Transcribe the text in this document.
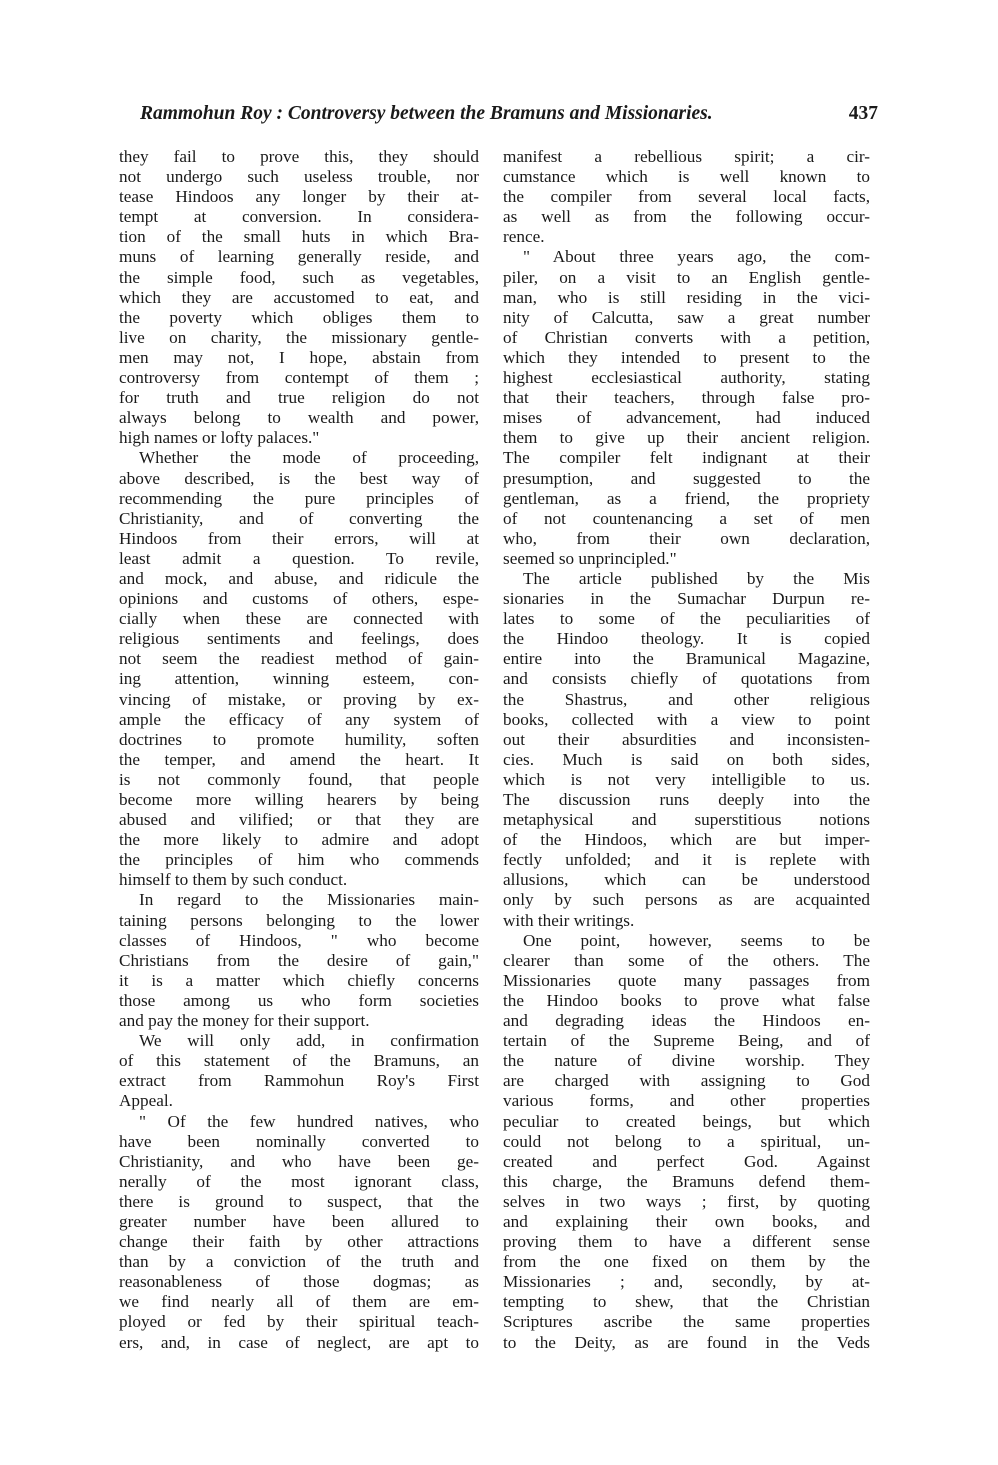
Rammohun Roy : Controversy between the Bramuns and Missionaries.	437
they fail to prove this, they should
not undergo such useless trouble, nor
tease Hindoos any longer by their at-
tempt at conversion. In considera-
tion of the small huts in which Bra-
muns of learning generally reside, and
the simple food, such as vegetables,
which they are accustomed to eat, and
the poverty which obliges them to
live on charity, the missionary gentle-
men may not, I hope, abstain from
controversy from contempt of them ;
for truth and true religion do not
always belong to wealth and power,
high names or lofty palaces."
Whether the mode of proceeding,
above described, is the best way of
recommending the pure principles of
Christianity, and of converting the
Hindoos from their errors, will at
least admit a question. To revile,
and mock, and abuse, and ridicule the
opinions and customs of others, espe-
cially when these are connected with
religious sentiments and feelings, does
not seem the readiest method of gain-
ing attention, winning esteem, con-
vincing of mistake, or proving by ex-
ample the efficacy of any system of
doctrines to promote humility, soften
the temper, and amend the heart. It
is not commonly found, that people
become more willing hearers by being
abused and vilified; or that they are
the more likely to admire and adopt
the principles of him who commends
himself to them by such conduct.
In regard to the Missionaries main-
taining persons belonging to the lower
classes of Hindoos, " who become
Christians from the desire of gain,"
it is a matter which chiefly concerns
those among us who form societies
and pay the money for their support.
We will only add, in confirmation
of this statement of the Bramuns, an
extract from Rammohun Roy's First
Appeal.
" Of the few hundred natives, who
have been nominally converted to
Christianity, and who have been ge-
nerally of the most ignorant class,
there is ground to suspect, that the
greater number have been allured to
change their faith by other attractions
than by a conviction of the truth and
reasonableness of those dogmas; as
we find nearly all of them are em-
ployed or fed by their spiritual teach-
ers, and, in case of neglect, are apt to
manifest a rebellious spirit; a cir-
cumstance which is well known to
the compiler from several local facts,
as well as from the following occur-
rence.
" About three years ago, the com-
piler, on a visit to an English gentle-
man, who is still residing in the vici-
nity of Calcutta, saw a great number
of Christian converts with a petition,
which they intended to present to the
highest ecclesiastical authority, stating
that their teachers, through false pro-
mises of advancement, had induced
them to give up their ancient religion.
The compiler felt indignant at their
presumption, and suggested to the
gentleman, as a friend, the propriety
of not countenancing a set of men
who, from their own declaration,
seemed so unprincipled."
The article published by the Mis
sionaries in the Sumachar Durpun re-
lates to some of the peculiarities of
the Hindoo theology. It is copied
entire into the Bramunical Magazine,
and consists chiefly of quotations from
the Shastrus, and other religious
books, collected with a view to point
out their absurdities and inconsisten-
cies. Much is said on both sides,
which is not very intelligible to us.
The discussion runs deeply into the
metaphysical and superstitious notions
of the Hindoos, which are but imper-
fectly unfolded; and it is replete with
allusions, which can be understood
only by such persons as are acquainted
with their writings.
One point, however, seems to be
clearer than some of the others. The
Missionaries quote many passages from
the Hindoo books to prove what false
and degrading ideas the Hindoos en-
tertain of the Supreme Being, and of
the nature of divine worship. They
are charged with assigning to God
various forms, and other properties
peculiar to created beings, but which
could not belong to a spiritual, un-
created and perfect God. Against
this charge, the Bramuns defend them-
selves in two ways ; first, by quoting
and explaining their own books, and
proving them to have a different sense
from the one fixed on them by the
Missionaries ; and, secondly, by at-
tempting to shew, that the Christian
Scriptures ascribe the same properties
to the Deity, as are found in the Veds
